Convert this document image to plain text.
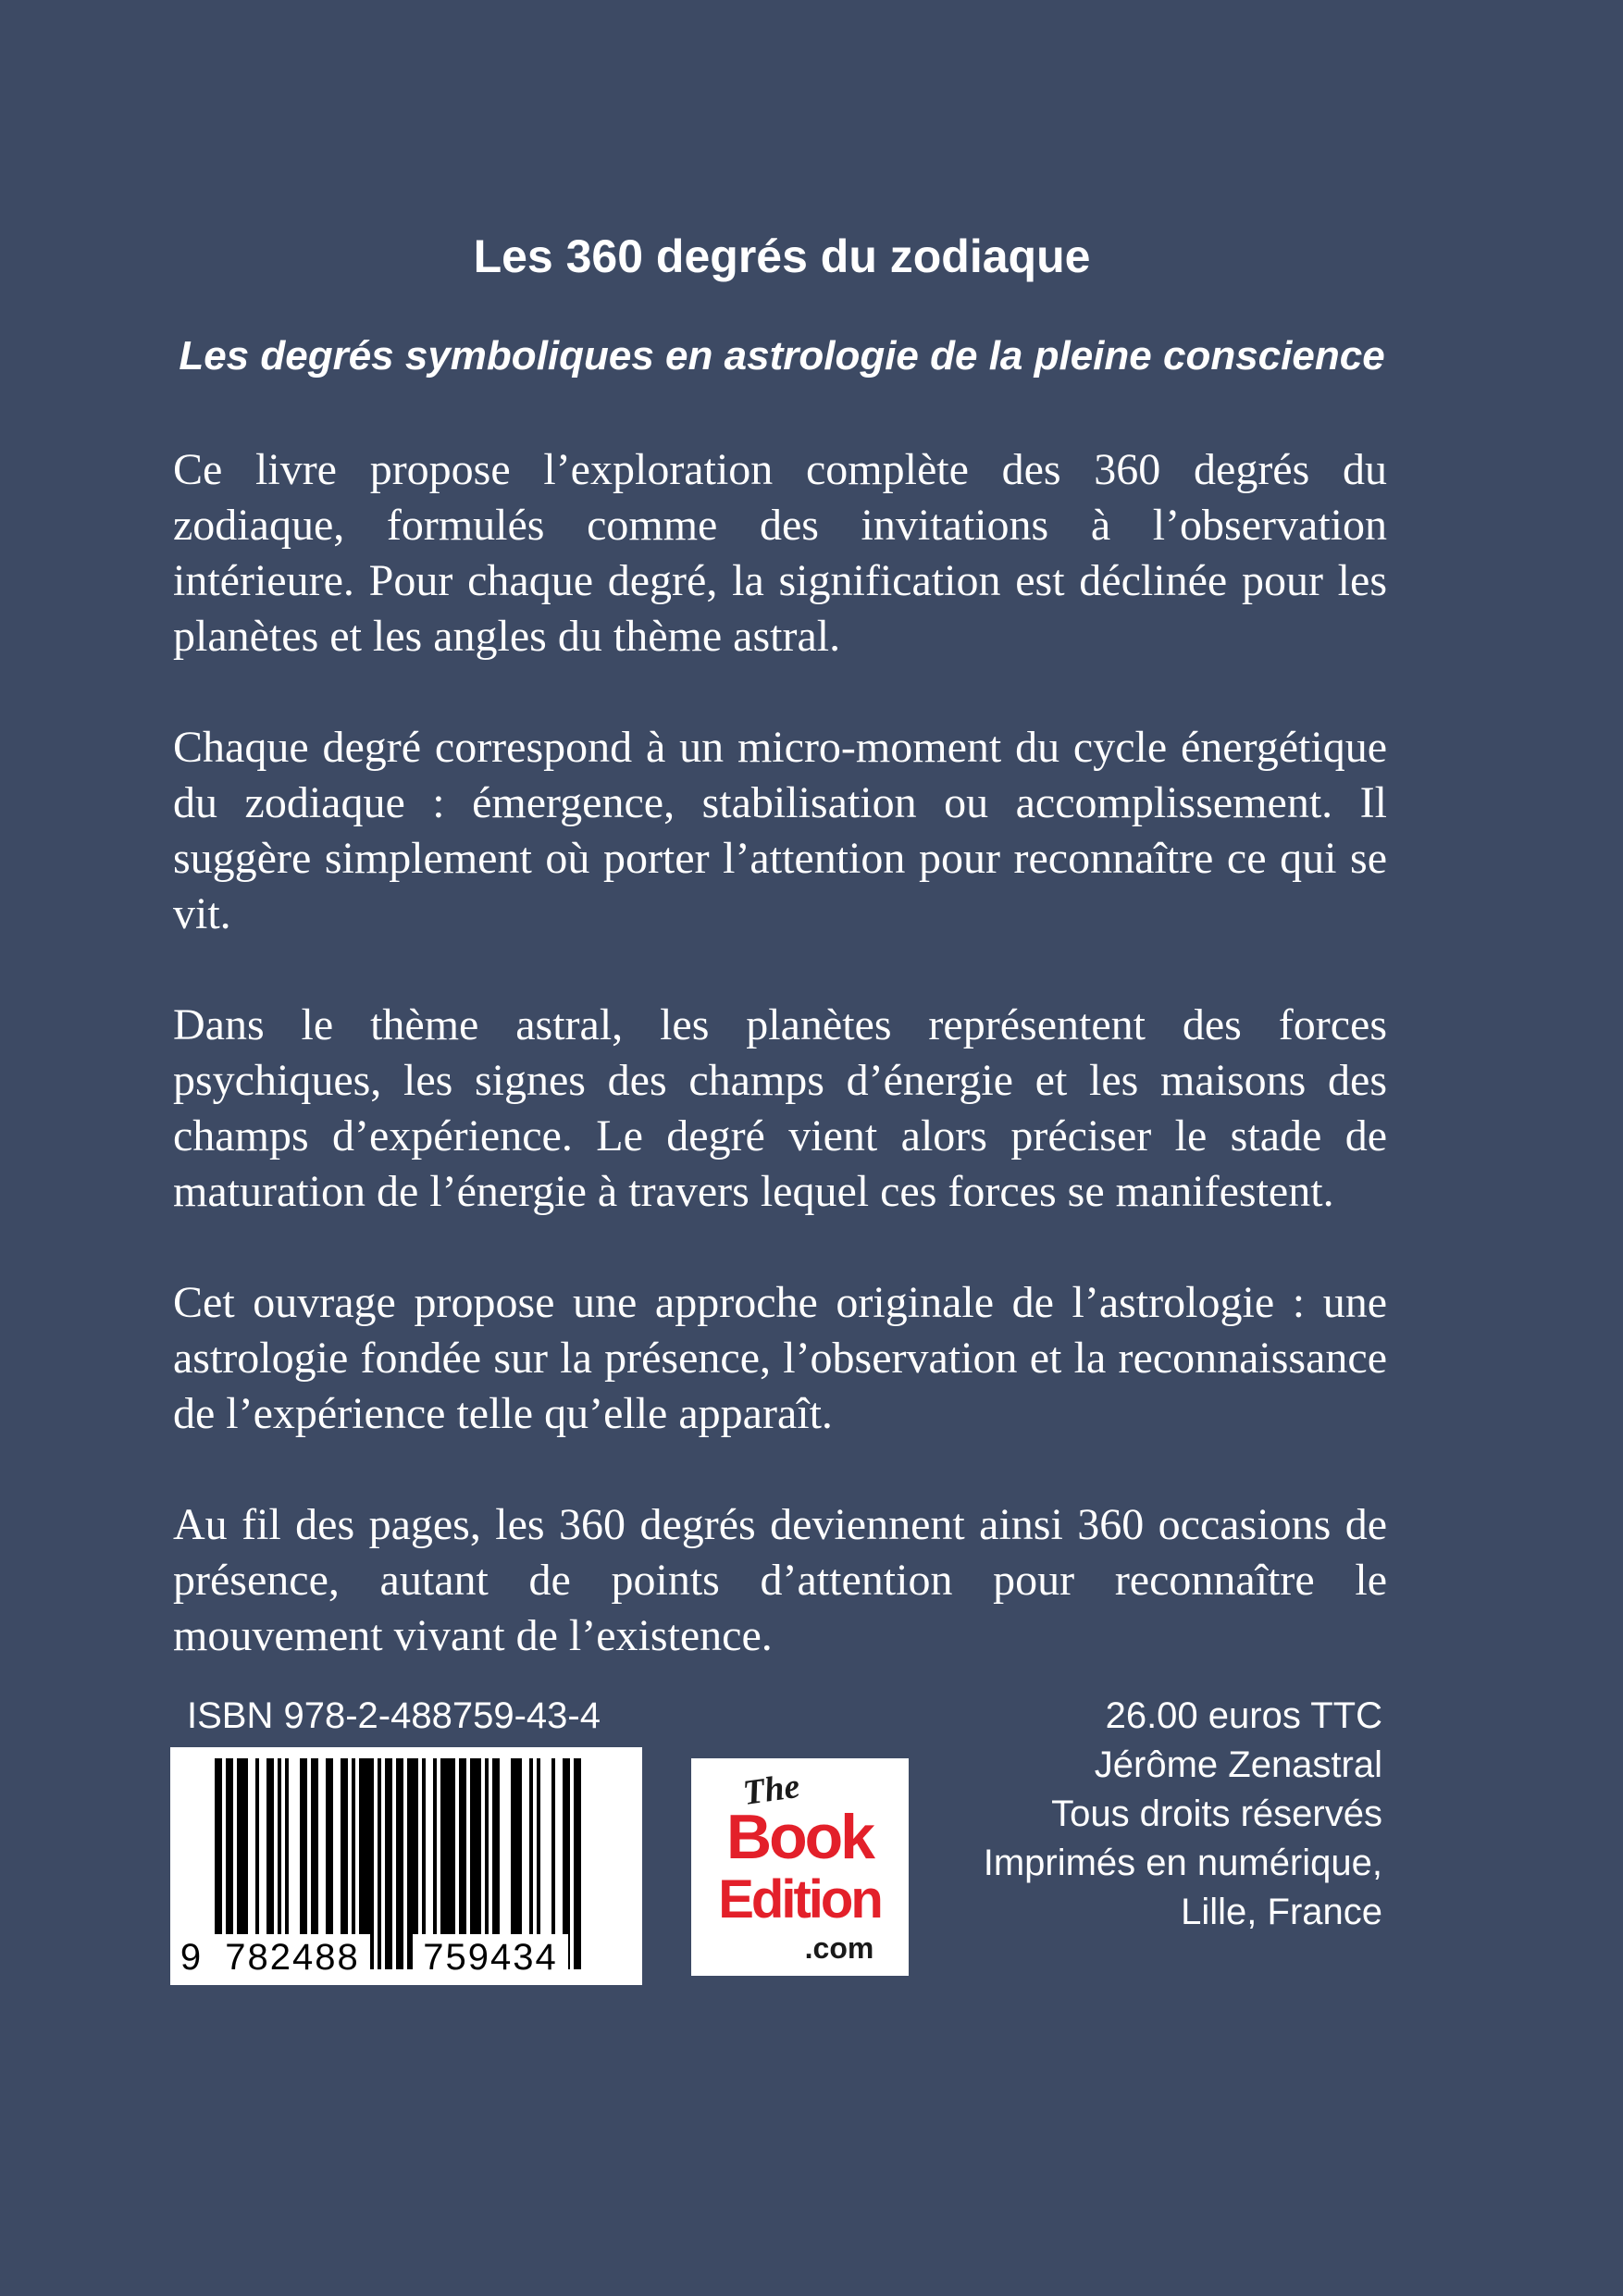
Les 360 degrés du zodiaque
Les degrés symboliques en astrologie de la pleine conscience

Ce livre propose l’exploration complète des 360 degrés du zodiaque, formulés comme des invitations à l’observation intérieure. Pour chaque degré, la signification est déclinée pour les planètes et les angles du thème astral.

Chaque degré correspond à un micro-moment du cycle énergétique du zodiaque : émergence, stabilisation ou accomplissement. Il suggère simplement où porter l’attention pour reconnaître ce qui se vit.

Dans le thème astral, les planètes représentent des forces psychiques, les signes des champs d’énergie et les maisons des champs d’expérience. Le degré vient alors préciser le stade de maturation de l’énergie à travers lequel ces forces se manifestent.

Cet ouvrage propose une approche originale de l’astrologie : une astrologie fondée sur la présence, l’observation et la reconnaissance de l’expérience telle qu’elle apparaît.

Au fil des pages, les 360 degrés deviennent ainsi 360 occasions de présence, autant de points d’attention pour reconnaître le mouvement vivant de l’existence.

ISBN 978-2-488759-43-4
9 782488 759434
The
Book
Edition
.com
26.00 euros TTC
Jérôme Zenastral
Tous droits réservés
Imprimés en numérique,
Lille, France
